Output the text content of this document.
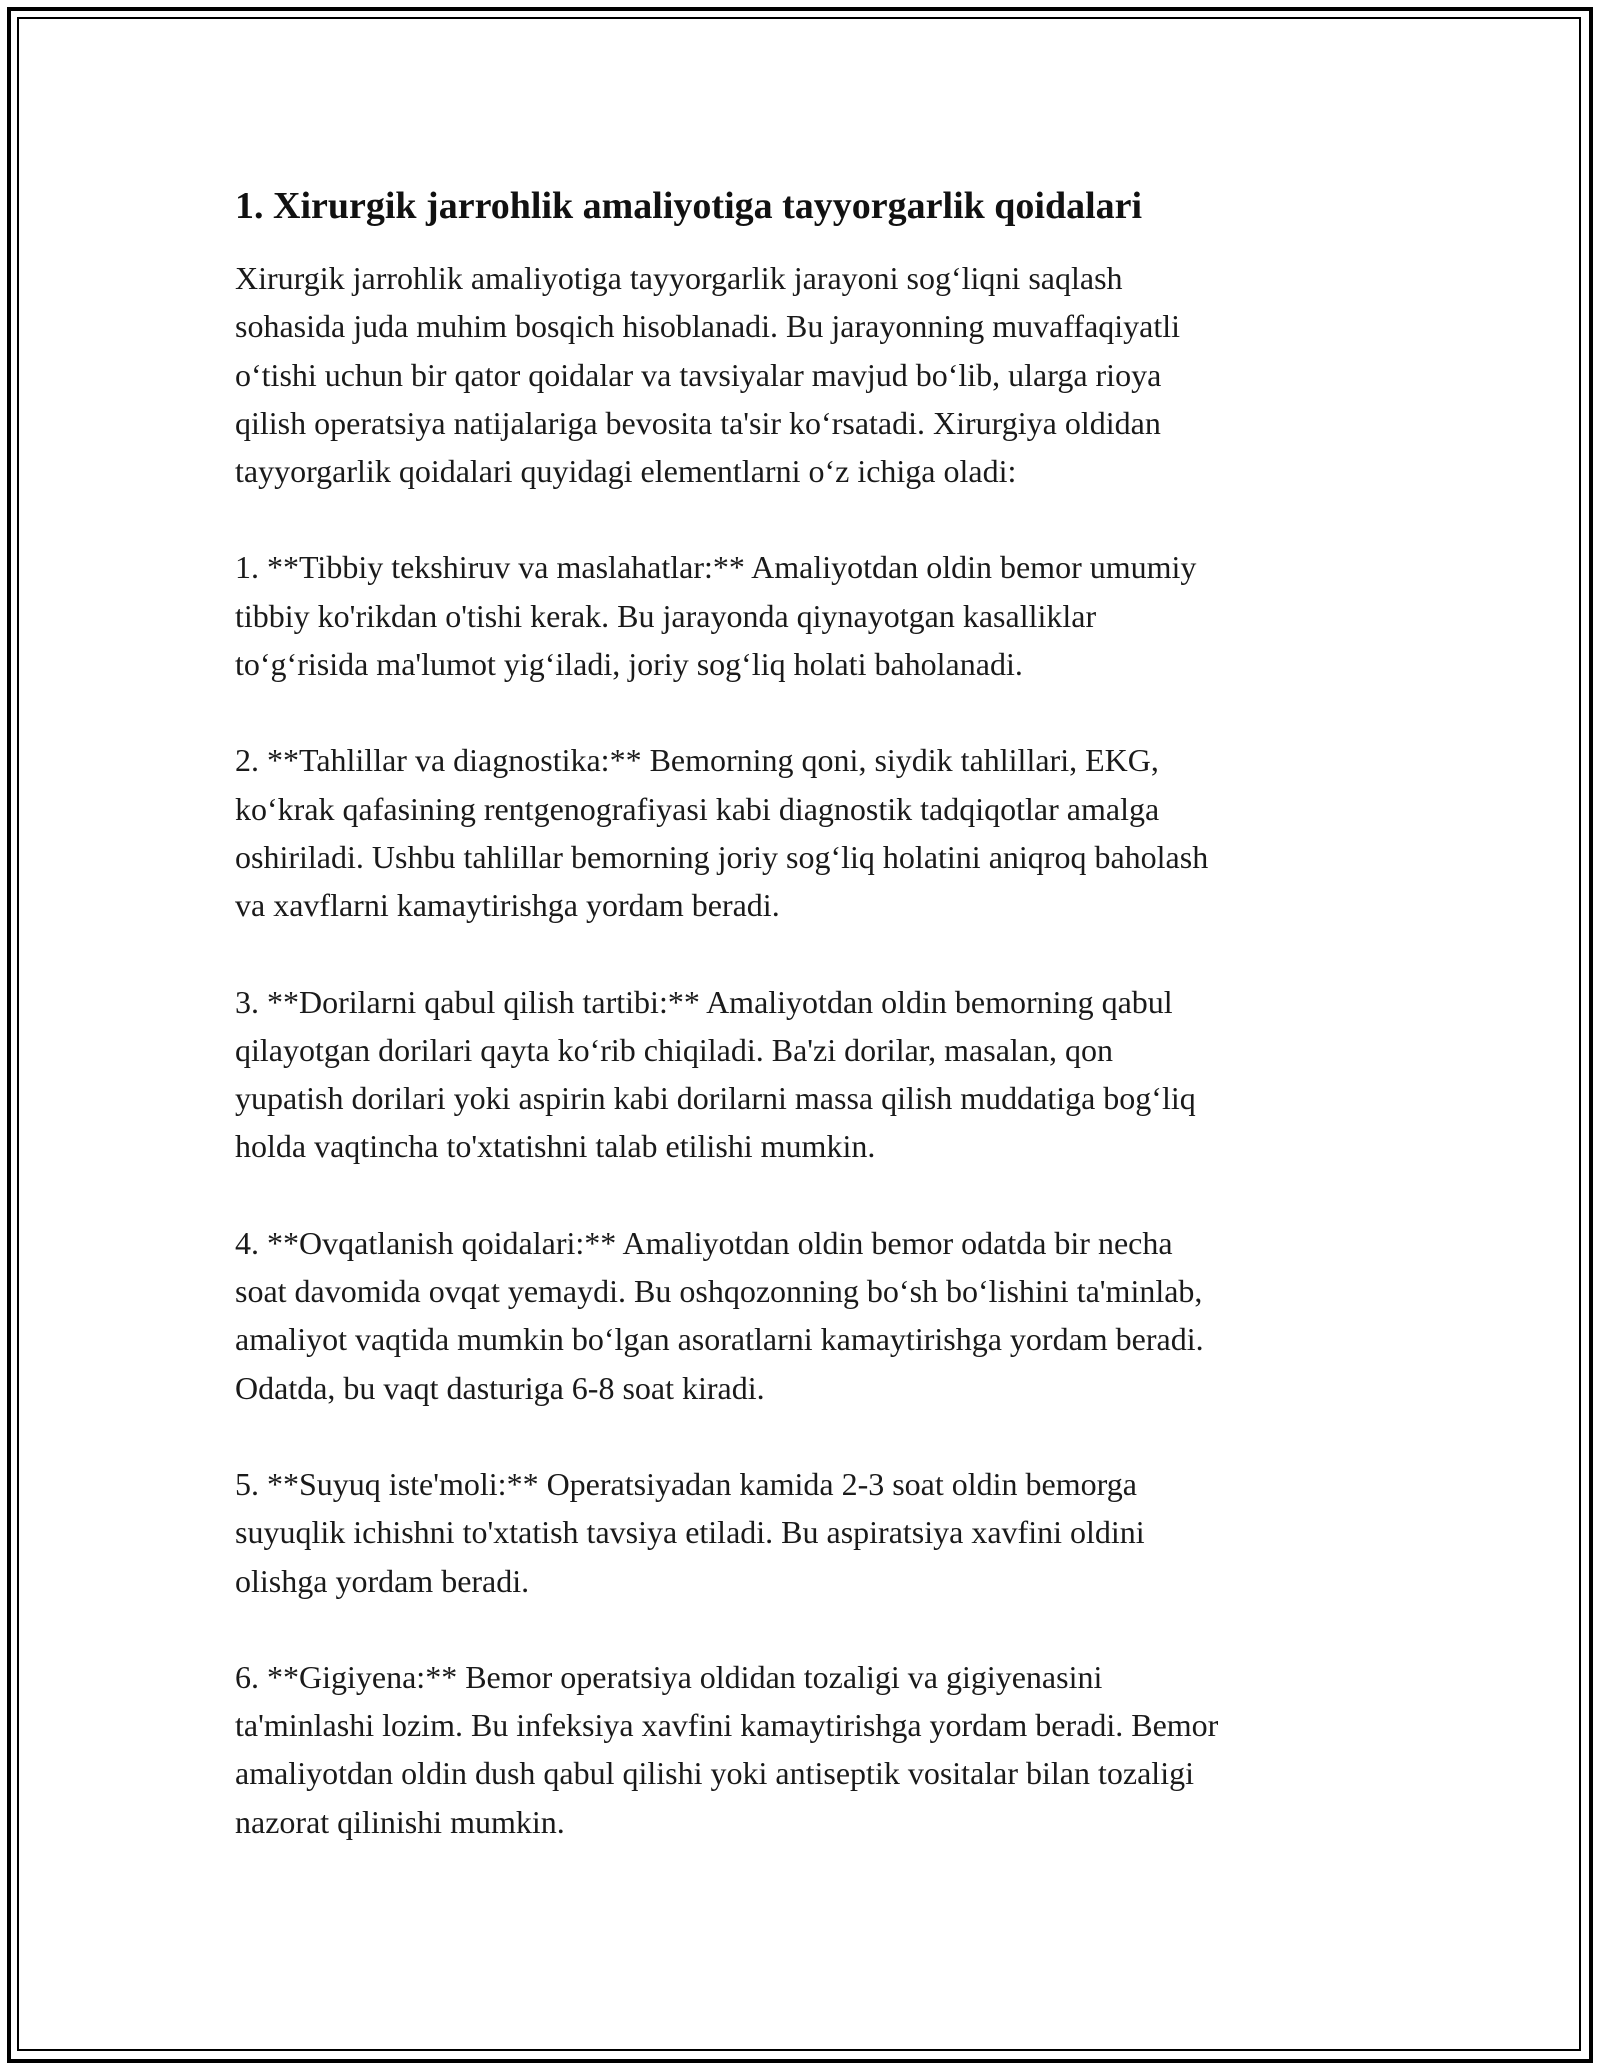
1. Xirurgik jarrohlik amaliyotiga tayyorgarlik qoidalari

Xirurgik jarrohlik amaliyotiga tayyorgarlik jarayoni sog‘liqni saqlash
sohasida juda muhim bosqich hisoblanadi. Bu jarayonning muvaffaqiyatli
o‘tishi uchun bir qator qoidalar va tavsiyalar mavjud bo‘lib, ularga rioya
qilish operatsiya natijalariga bevosita ta'sir ko‘rsatadi. Xirurgiya oldidan
tayyorgarlik qoidalari quyidagi elementlarni o‘z ichiga oladi:

1. **Tibbiy tekshiruv va maslahatlar:** Amaliyotdan oldin bemor umumiy
tibbiy ko'rikdan o'tishi kerak. Bu jarayonda qiynayotgan kasalliklar
to‘g‘risida ma'lumot yig‘iladi, joriy sog‘liq holati baholanadi.

2. **Tahlillar va diagnostika:** Bemorning qoni, siydik tahlillari, EKG,
ko‘krak qafasining rentgenografiyasi kabi diagnostik tadqiqotlar amalga
oshiriladi. Ushbu tahlillar bemorning joriy sog‘liq holatini aniqroq baholash
va xavflarni kamaytirishga yordam beradi.

3. **Dorilarni qabul qilish tartibi:** Amaliyotdan oldin bemorning qabul
qilayotgan dorilari qayta ko‘rib chiqiladi. Ba'zi dorilar, masalan, qon
yupatish dorilari yoki aspirin kabi dorilarni massa qilish muddatiga bog‘liq
holda vaqtincha to'xtatishni talab etilishi mumkin.

4. **Ovqatlanish qoidalari:** Amaliyotdan oldin bemor odatda bir necha
soat davomida ovqat yemaydi. Bu oshqozonning bo‘sh bo‘lishini ta'minlab,
amaliyot vaqtida mumkin bo‘lgan asoratlarni kamaytirishga yordam beradi.
Odatda, bu vaqt dasturiga 6-8 soat kiradi.

5. **Suyuq iste'moli:** Operatsiyadan kamida 2-3 soat oldin bemorga
suyuqlik ichishni to'xtatish tavsiya etiladi. Bu aspiratsiya xavfini oldini
olishga yordam beradi.

6. **Gigiyena:** Bemor operatsiya oldidan tozaligi va gigiyenasini
ta'minlashi lozim. Bu infeksiya xavfini kamaytirishga yordam beradi. Bemor
amaliyotdan oldin dush qabul qilishi yoki antiseptik vositalar bilan tozaligi
nazorat qilinishi mumkin.
